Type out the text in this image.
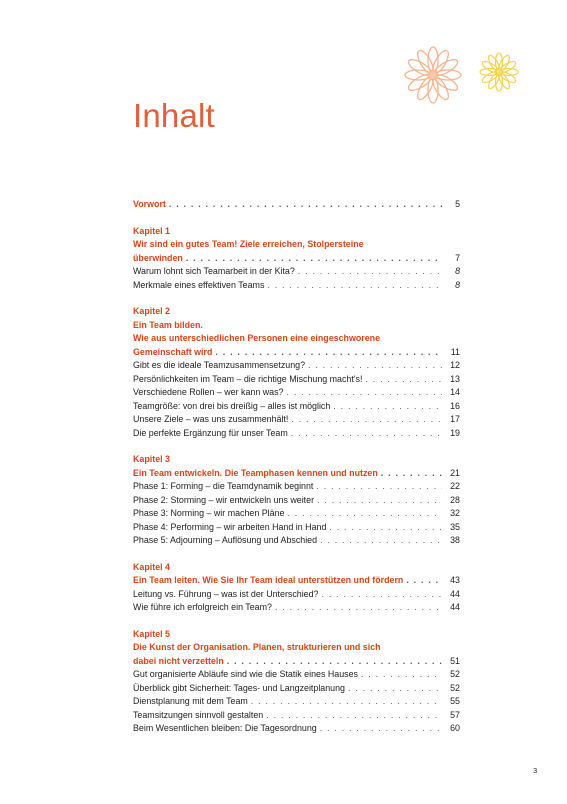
Inhalt
Vorwort . . .	5
Kapitel 1
Wir sind ein gutes Team! Ziele erreichen, Stolpersteine
überwinden . . .	7
Warum lohnt sich Teamarbeit in der Kita? . . .	8
Merkmale eines effektiven Teams . . .	8
Kapitel 2
Ein Team bilden.
Wie aus unterschiedlichen Personen eine eingeschworene
Gemeinschaft wird . . .	11
Gibt es die ideale Teamzusammensetzung? . . .	12
Persönlichkeiten im Team – die richtige Mischung macht's! . . .	13
Verschiedene Rollen – wer kann was? . . .	14
Teamgröße: von drei bis dreißig – alles ist möglich . . .	16
Unsere Ziele – was uns zusammenhält! . . .	17
Die perfekte Ergänzung für unser Team . . .	19
Kapitel 3
Ein Team entwickeln. Die Teamphasen kennen und nutzen . . .	21
Phase 1: Forming – die Teamdynamik beginnt . . .	22
Phase 2: Storming – wir entwickeln uns weiter . . .	28
Phase 3: Norming – wir machen Pläne . . .	32
Phase 4: Performing – wir arbeiten Hand in Hand . . .	35
Phase 5: Adjourning – Auflösung und Abschied . . .	38
Kapitel 4
Ein Team leiten. Wie Sie Ihr Team ideal unterstützen und fördern . . .	43
Leitung vs. Führung – was ist der Unterschied? . . .	44
Wie führe ich erfolgreich ein Team? . . .	44
Kapitel 5
Die Kunst der Organisation. Planen, strukturieren und sich
dabei nicht verzetteln . . .	51
Gut organisierte Abläufe sind wie die Statik eines Hauses . . .	52
Überblick gibt Sicherheit: Tages- und Langzeitplanung . . .	52
Dienstplanung mit dem Team . . .	55
Teamsitzungen sinnvoll gestalten . . .	57
Beim Wesentlichen bleiben: Die Tagesordnung . . .	60
3
